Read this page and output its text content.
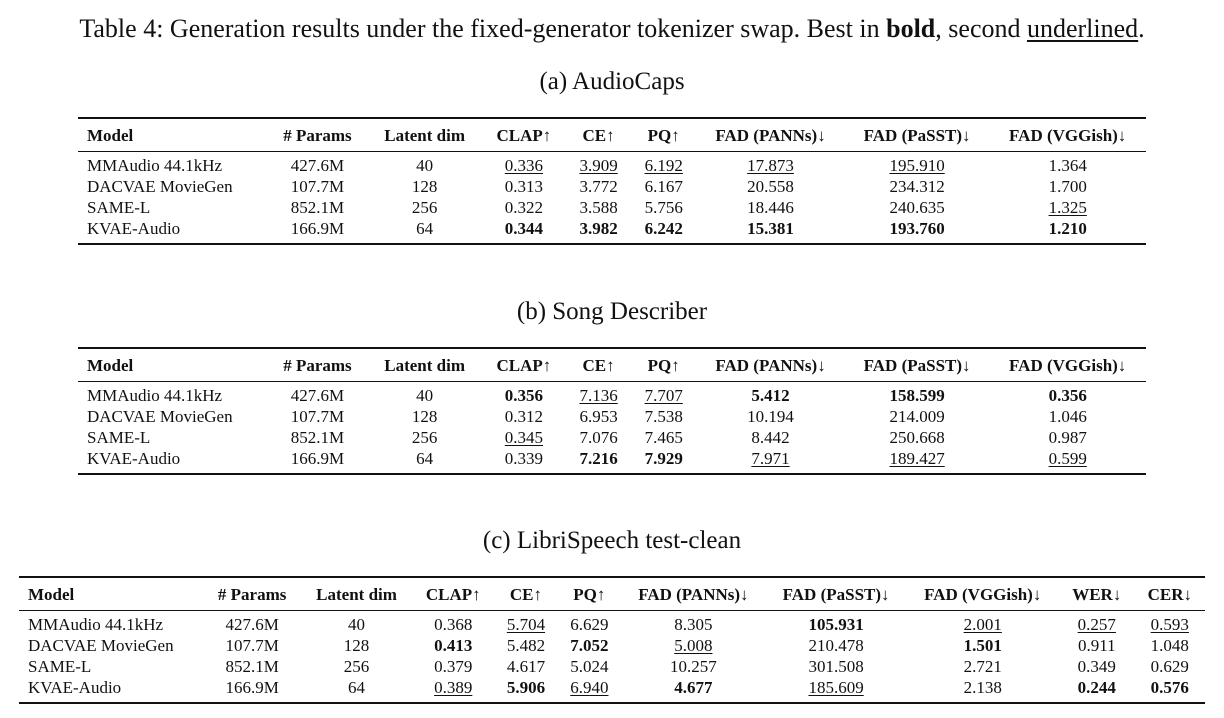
Table 4: Generation results under the fixed-generator tokenizer swap. Best in bold, second underlined.
(a) AudioCaps
Model	# Params	Latent dim	CLAP↑	CE↑	PQ↑	FAD (PANNs)↓	FAD (PaSST)↓	FAD (VGGish)↓
MMAudio 44.1kHz	427.6M	40	0.336	3.909	6.192	17.873	195.910	1.364
DACVAE MovieGen	107.7M	128	0.313	3.772	6.167	20.558	234.312	1.700
SAME-L	852.1M	256	0.322	3.588	5.756	18.446	240.635	1.325
KVAE-Audio	166.9M	64	0.344	3.982	6.242	15.381	193.760	1.210
(b) Song Describer
Model	# Params	Latent dim	CLAP↑	CE↑	PQ↑	FAD (PANNs)↓	FAD (PaSST)↓	FAD (VGGish)↓
MMAudio 44.1kHz	427.6M	40	0.356	7.136	7.707	5.412	158.599	0.356
DACVAE MovieGen	107.7M	128	0.312	6.953	7.538	10.194	214.009	1.046
SAME-L	852.1M	256	0.345	7.076	7.465	8.442	250.668	0.987
KVAE-Audio	166.9M	64	0.339	7.216	7.929	7.971	189.427	0.599
(c) LibriSpeech test-clean
Model	# Params	Latent dim	CLAP↑	CE↑	PQ↑	FAD (PANNs)↓	FAD (PaSST)↓	FAD (VGGish)↓	WER↓	CER↓
MMAudio 44.1kHz	427.6M	40	0.368	5.704	6.629	8.305	105.931	2.001	0.257	0.593
DACVAE MovieGen	107.7M	128	0.413	5.482	7.052	5.008	210.478	1.501	0.911	1.048
SAME-L	852.1M	256	0.379	4.617	5.024	10.257	301.508	2.721	0.349	0.629
KVAE-Audio	166.9M	64	0.389	5.906	6.940	4.677	185.609	2.138	0.244	0.576
